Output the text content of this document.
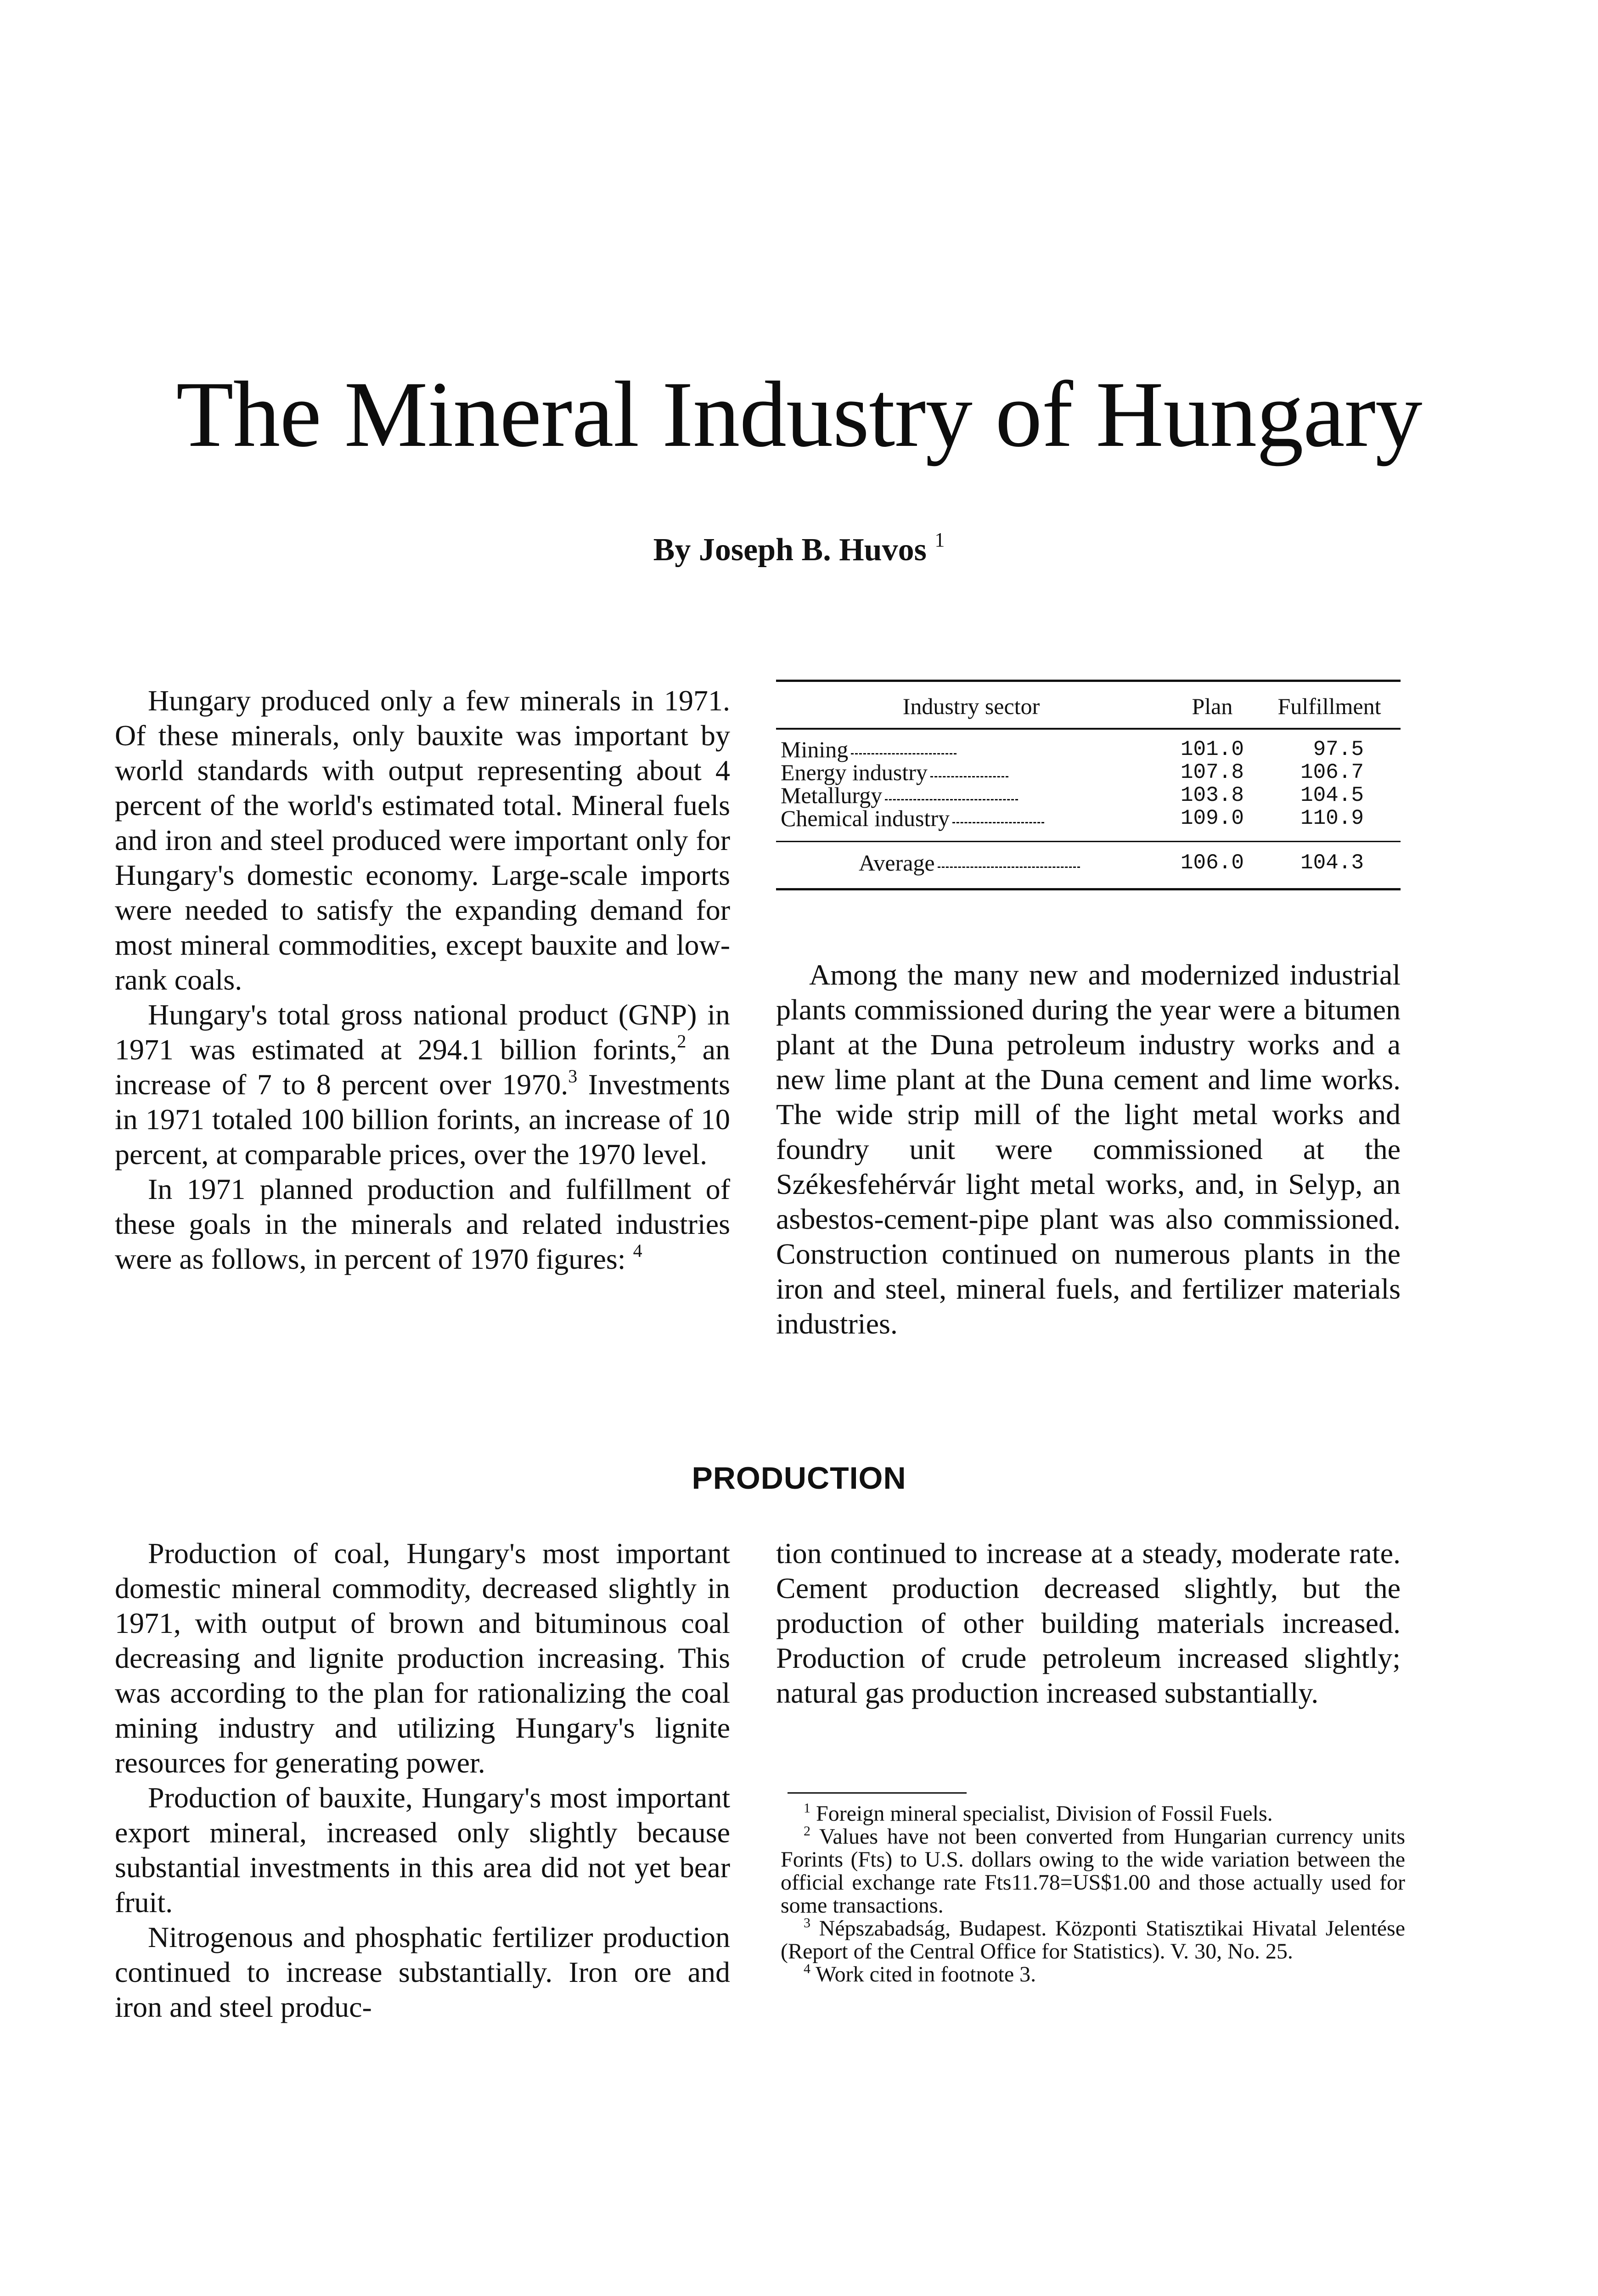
The Mineral Industry of Hungary
By Joseph B. Huvos $^1$

Hungary produced only a few minerals in 1971. Of these minerals, only bauxite was important by world standards with output representing about 4 percent of the world's estimated total. Mineral fuels and iron and steel produced were important only for Hungary's domestic economy. Large-scale imports were needed to satisfy the expanding demand for most mineral commodities, except bauxite and low-rank coals.

Hungary's total gross national product (GNP) in 1971 was estimated at 294.1 billion forints,$^2$ an increase of 7 to 8 percent over 1970.$^3$ Investments in 1971 totaled 100 billion forints, an increase of 10 percent, at comparable prices, over the 1970 level.

In 1971 planned production and fulfillment of these goals in the minerals and related industries were as follows, in percent of 1970 figures: $^4$

Industry sector	Plan	Fulfillment
Mining	101.0	97.5
Energy industry	107.8	106.7
Metallurgy	103.8	104.5
Chemical industry	109.0	110.9
Average	106.0	104.3

Among the many new and modernized industrial plants commissioned during the year were a bitumen plant at the Duna petroleum industry works and a new lime plant at the Duna cement and lime works. The wide strip mill of the light metal works and foundry unit were commissioned at the Székesfehérvár light metal works, and, in Selyp, an asbestos-cement-pipe plant was also commissioned. Construction continued on numerous plants in the iron and steel, mineral fuels, and fertilizer materials industries.

PRODUCTION

Production of coal, Hungary's most important domestic mineral commodity, decreased slightly in 1971, with output of brown and bituminous coal decreasing and lignite production increasing. This was according to the plan for rationalizing the coal mining industry and utilizing Hungary's lignite resources for generating power.

Production of bauxite, Hungary's most important export mineral, increased only slightly because substantial investments in this area did not yet bear fruit.

Nitrogenous and phosphatic fertilizer production continued to increase substantially. Iron ore and iron and steel produc-

tion continued to increase at a steady, moderate rate. Cement production decreased slightly, but the production of other building materials increased. Production of crude petroleum increased slightly; natural gas production increased substantially.

$^1$ Foreign mineral specialist, Division of Fossil Fuels.

$^2$ Values have not been converted from Hungarian currency units Forints (Fts) to U.S. dollars owing to the wide variation between the official exchange rate Fts11.78=US$1.00 and those actually used for some transactions.

$^3$ Népszabadság, Budapest. Központi Statisztikai Hivatal Jelentése (Report of the Central Office for Statistics). V. 30, No. 25.

$^4$ Work cited in footnote 3.
